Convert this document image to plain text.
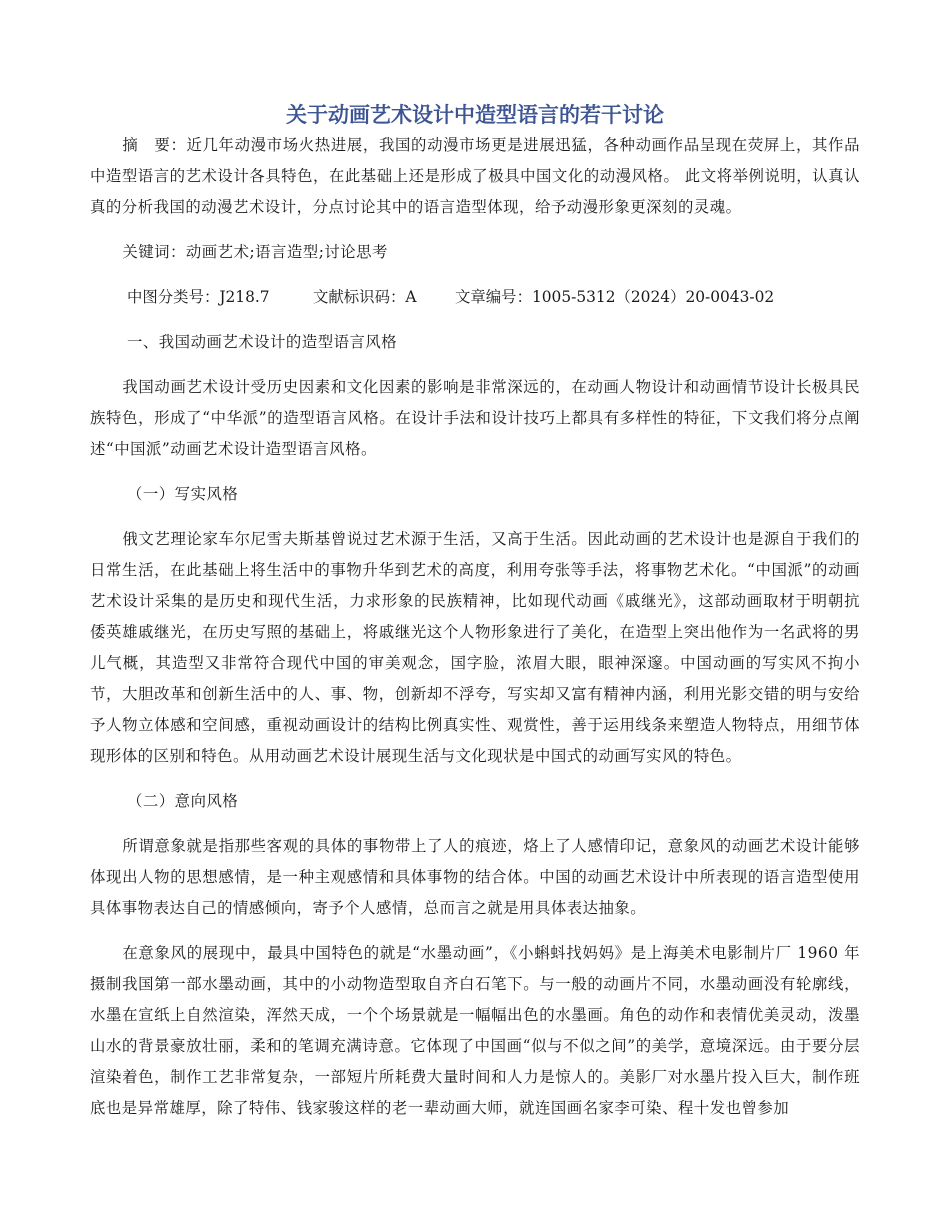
关于动画艺术设计中造型语言的若干讨论

摘　要：近几年动漫市场火热进展，我国的动漫市场更是进展迅猛，各种动画作品呈现在荧屏上，其作品中造型语言的艺术设计各具特色，在此基础上还是形成了极具中国文化的动漫风格。 此文将举例说明，认真认真的分析我国的动漫艺术设计，分点讨论其中的语言造型体现，给予动漫形象更深刻的灵魂。

关键词：动画艺术;语言造型;讨论思考

中图分类号：J218.7	文献标识码：A	文章编号：1005-5312（2024）20-0043-02

一、我国动画艺术设计的造型语言风格

我国动画艺术设计受历史因素和文化因素的影响是非常深远的，在动画人物设计和动画情节设计长极具民族特色，形成了“中华派”的造型语言风格。在设计手法和设计技巧上都具有多样性的特征，下文我们将分点阐述“中国派”动画艺术设计造型语言风格。

（一）写实风格

俄文艺理论家车尔尼雪夫斯基曾说过艺术源于生活，又高于生活。因此动画的艺术设计也是源自于我们的日常生活，在此基础上将生活中的事物升华到艺术的高度，利用夸张等手法，将事物艺术化。“中国派”的动画艺术设计采集的是历史和现代生活，力求形象的民族精神，比如现代动画《戚继光》，这部动画取材于明朝抗倭英雄戚继光，在历史写照的基础上，将戚继光这个人物形象进行了美化，在造型上突出他作为一名武将的男儿气概，其造型又非常符合现代中国的审美观念，国字脸，浓眉大眼，眼神深邃。中国动画的写实风不拘小节，大胆改革和创新生活中的人、事、物，创新却不浮夸，写实却又富有精神内涵，利用光影交错的明与安给予人物立体感和空间感，重视动画设计的结构比例真实性、观赏性，善于运用线条来塑造人物特点，用细节体现形体的区别和特色。从用动画艺术设计展现生活与文化现状是中国式的动画写实风的特色。

（二）意向风格

所谓意象就是指那些客观的具体的事物带上了人的痕迹，烙上了人感情印记，意象风的动画艺术设计能够体现出人物的思想感情，是一种主观感情和具体事物的结合体。中国的动画艺术设计中所表现的语言造型使用具体事物表达自己的情感倾向，寄予个人感情，总而言之就是用具体表达抽象。

在意象风的展现中，最具中国特色的就是“水墨动画”，《小蝌蚪找妈妈》是上海美术电影制片厂 1960 年摄制我国第一部水墨动画，其中的小动物造型取自齐白石笔下。与一般的动画片不同，水墨动画没有轮廓线，水墨在宣纸上自然渲染，浑然天成，一个个场景就是一幅幅出色的水墨画。角色的动作和表情优美灵动，泼墨山水的背景豪放壮丽，柔和的笔调充满诗意。它体现了中国画“似与不似之间”的美学，意境深远。由于要分层渲染着色，制作工艺非常复杂，一部短片所耗费大量时间和人力是惊人的。美影厂对水墨片投入巨大，制作班底也是异常雄厚，除了特伟、钱家骏这样的老一辈动画大师，就连国画名家李可染、程十发也曾参加
